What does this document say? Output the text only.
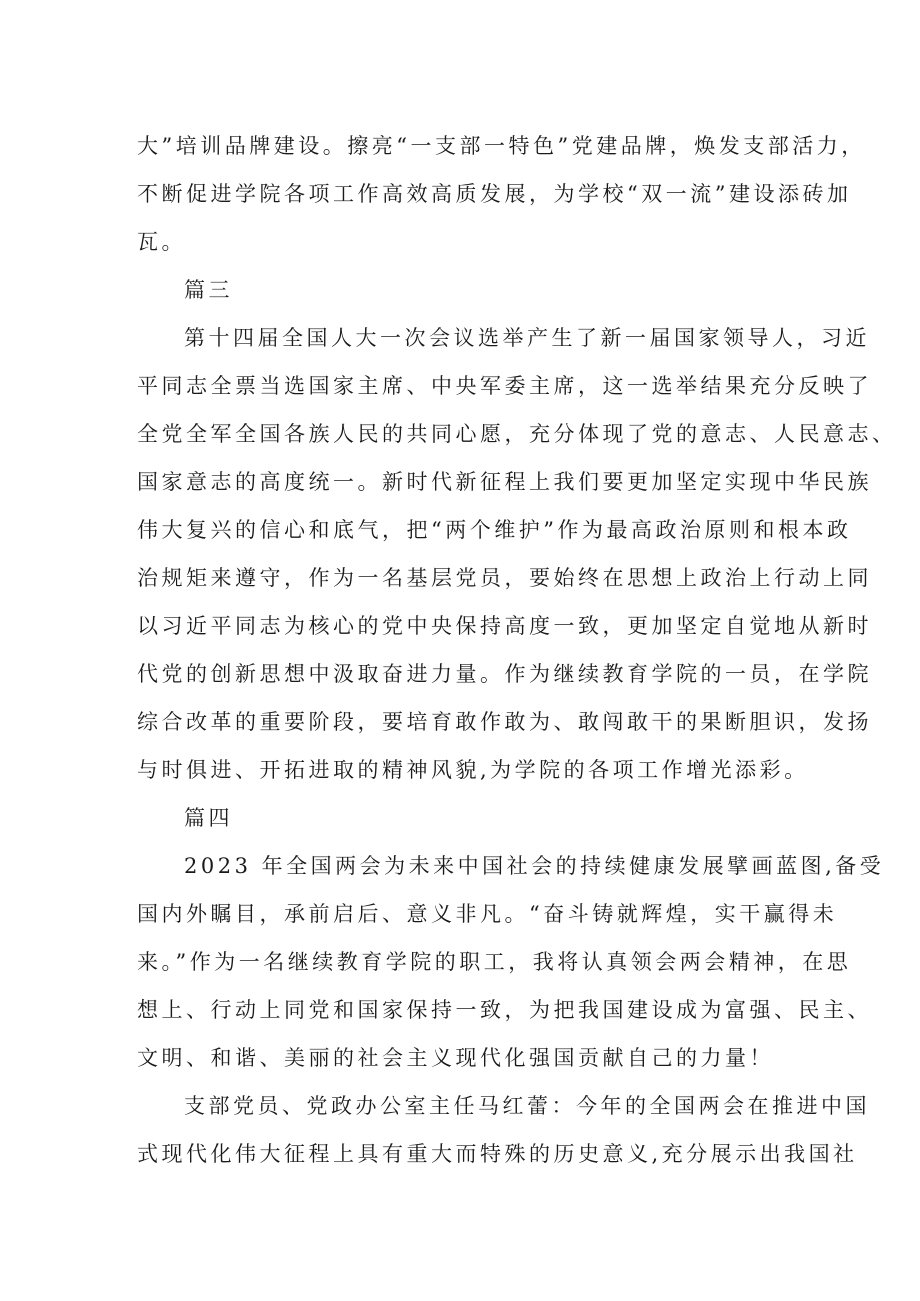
大”培训品牌建设。擦亮“一支部一特色”党建品牌，焕发支部活力，
不断促进学院各项工作高效高质发展，为学校“双一流”建设添砖加
瓦。
篇三
第十四届全国人大一次会议选举产生了新一届国家领导人，习近
平同志全票当选国家主席、中央军委主席，这一选举结果充分反映了
全党全军全国各族人民的共同心愿，充分体现了党的意志、人民意志、
国家意志的高度统一。新时代新征程上我们要更加坚定实现中华民族
伟大复兴的信心和底气，把“两个维护”作为最高政治原则和根本政
治规矩来遵守，作为一名基层党员，要始终在思想上政治上行动上同
以习近平同志为核心的党中央保持高度一致，更加坚定自觉地从新时
代党的创新思想中汲取奋进力量。作为继续教育学院的一员，在学院
综合改革的重要阶段，要培育敢作敢为、敢闯敢干的果断胆识，发扬
与时俱进、开拓进取的精神风貌,为学院的各项工作增光添彩。
篇四
2023 年全国两会为未来中国社会的持续健康发展擘画蓝图,备受
国内外瞩目，承前启后、意义非凡。“奋斗铸就辉煌，实干赢得未
来。”作为一名继续教育学院的职工，我将认真领会两会精神，在思
想上、行动上同党和国家保持一致，为把我国建设成为富强、民主、
文明、和谐、美丽的社会主义现代化强国贡献自己的力量！
支部党员、党政办公室主任马红蕾：今年的全国两会在推进中国
式现代化伟大征程上具有重大而特殊的历史意义,充分展示出我国社
